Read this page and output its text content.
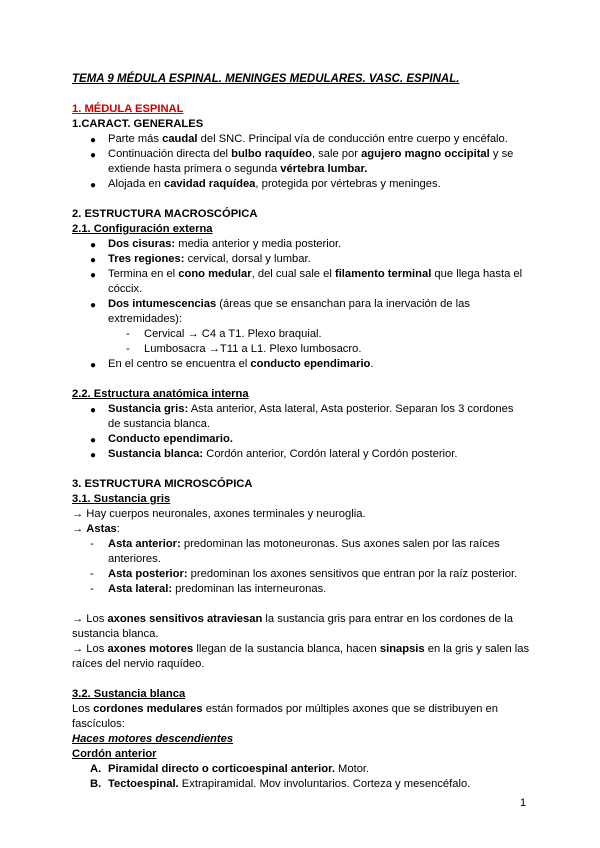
TEMA 9 MÉDULA ESPINAL. MENINGES MEDULARES. VASC. ESPINAL.
1. MÉDULA ESPINAL
1.CARACT. GENERALES
● Parte más caudal del SNC. Principal vía de conducción entre cuerpo y encéfalo.
● Continuación directa del bulbo raquídeo, sale por agujero magno occipital y se
extiende hasta primera o segunda vértebra lumbar.
● Alojada en cavidad raquídea, protegida por vértebras y meninges.
2. ESTRUCTURA MACROSCÓPICA
2.1. Configuración externa
● Dos cisuras: media anterior y media posterior.
● Tres regiones: cervical, dorsal y lumbar.
● Termina en el cono medular, del cual sale el filamento terminal que llega hasta el
cóccix.
● Dos intumescencias (áreas que se ensanchan para la inervación de las
extremidades):
- Cervical → C4 a T1. Plexo braquial.
- Lumbosacra →T11 a L1. Plexo lumbosacro.
● En el centro se encuentra el conducto ependimario.
2.2. Estructura anatómica interna
● Sustancia gris: Asta anterior, Asta lateral, Asta posterior. Separan los 3 cordones
de sustancia blanca.
● Conducto ependimario.
● Sustancia blanca: Cordón anterior, Cordón lateral y Cordón posterior.
3. ESTRUCTURA MICROSCÓPICA
3.1. Sustancia gris
→ Hay cuerpos neuronales, axones terminales y neuroglia.
→ Astas:
- Asta anterior: predominan las motoneuronas. Sus axones salen por las raíces
anteriores.
- Asta posterior: predominan los axones sensitivos que entran por la raíz posterior.
- Asta lateral: predominan las interneuronas.
→ Los axones sensitivos atraviesan la sustancia gris para entrar en los cordones de la
sustancia blanca.
→ Los axones motores llegan de la sustancia blanca, hacen sinapsis en la gris y salen las
raíces del nervio raquídeo.
3.2. Sustancia blanca
Los cordones medulares están formados por múltiples axones que se distribuyen en
fascículos:
Haces motores descendientes
Cordón anterior
A. Piramidal directo o corticoespinal anterior. Motor.
B. Tectoespinal. Extrapiramidal. Mov involuntarios. Corteza y mesencéfalo.
1
